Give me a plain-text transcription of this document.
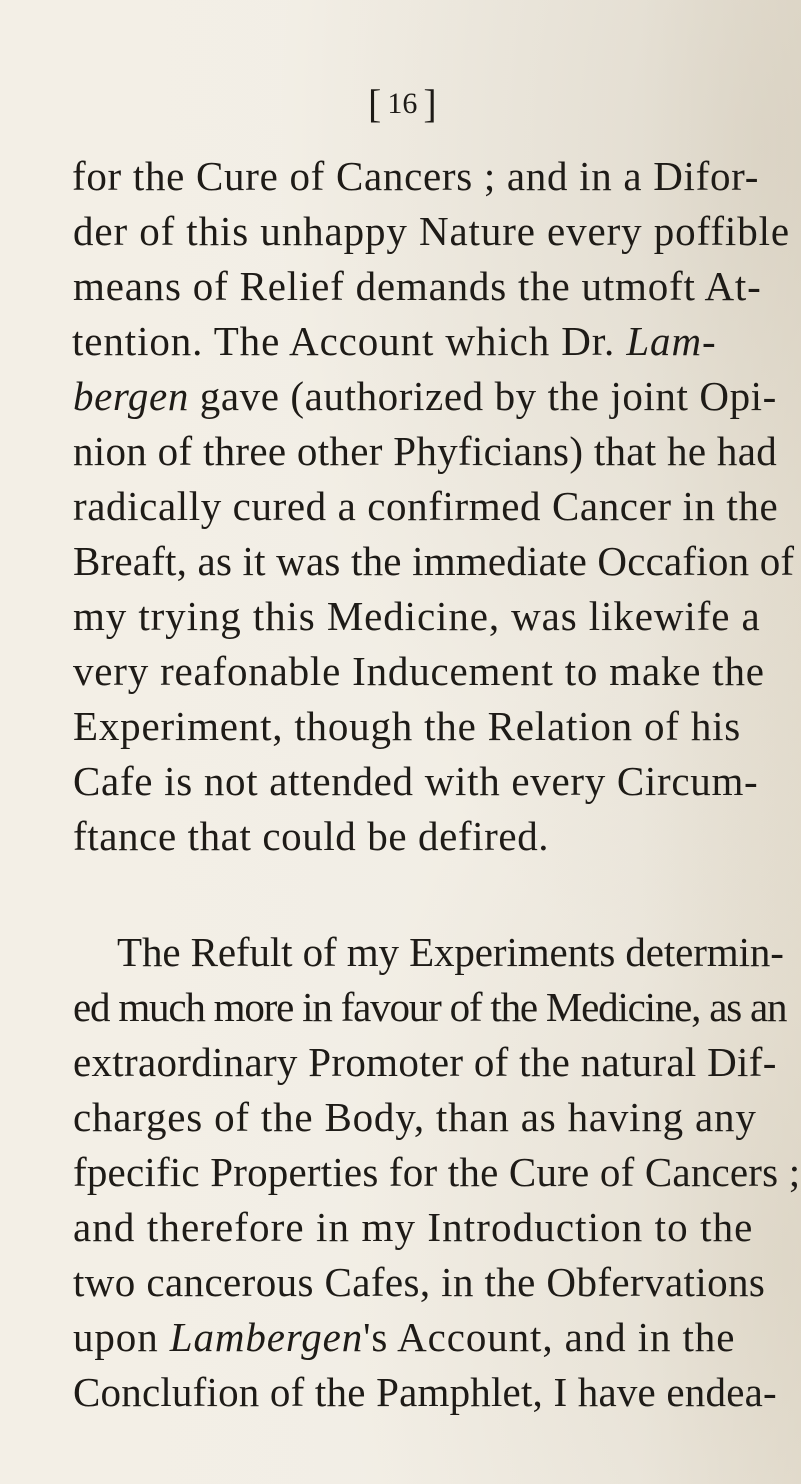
[ 16 ]
for the Cure of Cancers ; and in a Difor-
der of this unhappy Nature every poffible
means of Relief demands the utmoft At-
tention. The Account which Dr. Lam-
bergen gave (authorized by the joint Opi-
nion of three other Phyficians) that he had
radically cured a confirmed Cancer in the
Breaft, as it was the immediate Occafion of
my trying this Medicine, was likewife a
very reafonable Inducement to make the
Experiment, though the Relation of his
Cafe is not attended with every Circum-
ftance that could be defired.
The Refult of my Experiments determin-
ed much more in favour of the Medicine, as an
extraordinary Promoter of the natural Dif-
charges of the Body, than as having any
fpecific Properties for the Cure of Cancers ;
and therefore in my Introduction to the
two cancerous Cafes, in the Obfervations
upon Lambergen's Account, and in the
Conclufion of the Pamphlet, I have endea-
